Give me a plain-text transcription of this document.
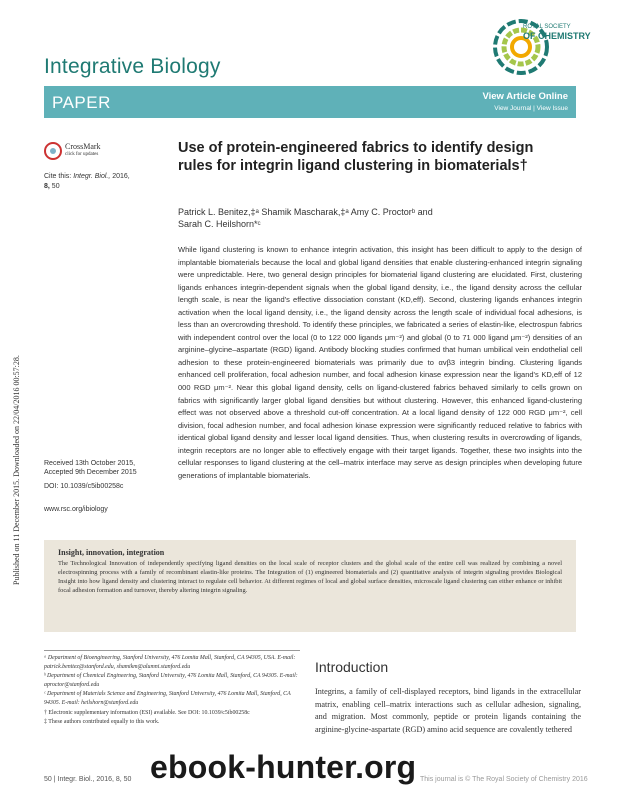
Published on 11 December 2015. Downloaded on 22/04/2016 00:57:28.
Integrative Biology
ROYAL SOCIETY
OF CHEMISTRY
PAPER	View Article Online
View Journal | View Issue
CrossMark
click for updates
Cite this: Integr. Biol., 2016,
8, 50
Use of protein-engineered fabrics to identify design rules for integrin ligand clustering in biomaterials†
Patrick L. Benitez,‡ᵃ Shamik Mascharak,‡ᵃ Amy C. Proctorᵇ and
Sarah C. Heilshorn*ᶜ
While ligand clustering is known to enhance integrin activation, this insight has been difficult to apply to the design of implantable biomaterials because the local and global ligand densities that enable clustering-enhanced integrin signaling were unpredictable. Here, two general design principles for biomaterial ligand clustering are elucidated. First, clustering ligands enhances integrin-dependent signals when the global ligand density, i.e., the ligand density across the cellular length scale, is near the ligand's effective dissociation constant (KD,eff). Second, clustering ligands enhances integrin activation when the local ligand density, i.e., the ligand density across the length scale of individual focal adhesions, is less than an overcrowding threshold. To identify these principles, we fabricated a series of elastin-like, electrospun fabrics with independent control over the local (0 to 122 000 ligands μm⁻²) and global (0 to 71 000 ligand μm⁻²) densities of an arginine–glycine–aspartate (RGD) ligand. Antibody blocking studies confirmed that human umbilical vein endothelial cell adhesion to these protein-engineered biomaterials was primarily due to αvβ3 integrin binding. Clustering ligands enhanced cell proliferation, focal adhesion number, and focal adhesion kinase expression near the ligand's KD,eff of 12 000 RGD μm⁻². Near this global ligand density, cells on ligand-clustered fabrics behaved similarly to cells grown on fabrics with significantly larger global ligand densities but without clustering. However, this enhanced ligand-clustering effect was not observed above a threshold cut-off concentration. At a local ligand density of 122 000 RGD μm⁻², cell division, focal adhesion number, and focal adhesion kinase expression were significantly reduced relative to fabrics with identical global ligand density and lesser local ligand densities. Thus, when clustering results in overcrowding of ligands, integrin receptors are no longer able to effectively engage with their target ligands. Together, these two insights into the cellular responses to ligand clustering at the cell–matrix interface may serve as design principles when developing future generations of implantable biomaterials.
Received 13th October 2015,
Accepted 9th December 2015
DOI: 10.1039/c5ib00258c
www.rsc.org/ibiology
Insight, innovation, integration

The Technological Innovation of independently specifying ligand densities on the local scale of receptor clusters and the global scale of the entire cell was realized by combining a novel electrospinning process with a family of recombinant elastin-like proteins. The Integration of (1) engineered biomaterials and (2) quantitative analysis of integrin signaling provides Biological Insight into how ligand density and clustering interact to regulate cell behavior. At different regimes of local and global surface densities, microscale ligand clustering can either enhance or inhibit focal adhesion formation and turnover, thereby altering integrin signaling.

ᵃ Department of Bioengineering, Stanford University, 476 Lomita Mall, Stanford, CA 94305, USA. E-mail: patrick.benitez@stanford.edu, shamikm@alumni.stanford.edu

ᵇ Department of Chemical Engineering, Stanford University, 476 Lomita Mall, Stanford, CA 94305. E-mail: aproctor@stanford.edu

ᶜ Department of Materials Science and Engineering, Stanford University, 476 Lomita Mall, Stanford, CA 94305. E-mail: heilshorn@stanford.edu

† Electronic supplementary information (ESI) available. See DOI: 10.1039/c5ib00258c

‡ These authors contributed equally to this work.

Introduction
Integrins, a family of cell-displayed receptors, bind ligands in the extracellular matrix, enabling cell–matrix interactions such as cellular adhesion, signaling, and migration. Most commonly, peptide or protein ligands containing the arginine-glycine-aspartate (RGD) amino acid sequence are covalently tethered
50 | Integr. Biol., 2016, 8, 50	This journal is © The Royal Society of Chemistry 2016
ebook-hunter.org
